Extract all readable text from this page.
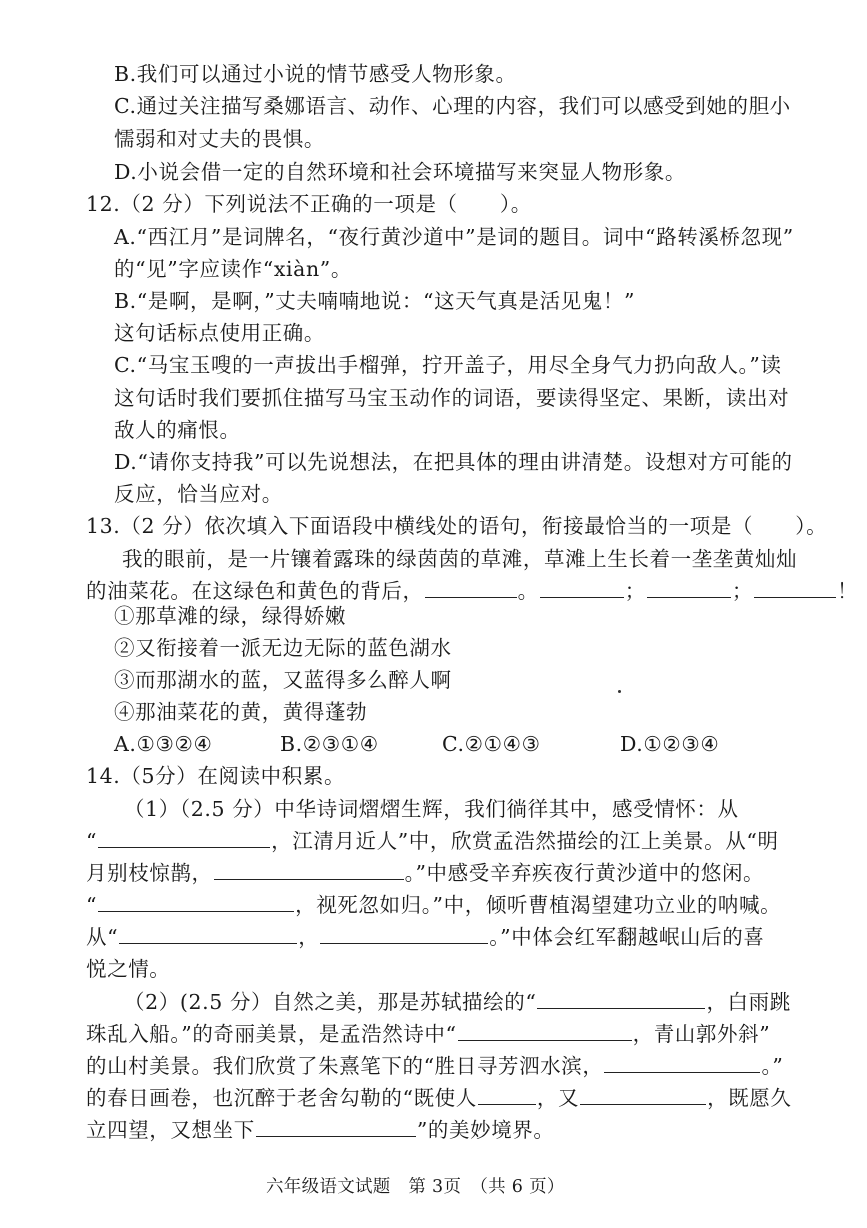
B.我们可以通过小说的情节感受人物形象。
C.通过关注描写桑娜语言、动作、心理的内容，我们可以感受到她的胆小
懦弱和对丈夫的畏惧。
D.小说会借一定的自然环境和社会环境描写来突显人物形象。
12.（2 分）下列说法不正确的一项是（　　）。
A.“西江月”是词牌名，“夜行黄沙道中”是词的题目。词中“路转溪桥忽现”
的“见”字应读作“xiàn”。
B.“是啊，是啊，”丈夫喃喃地说：“这天气真是活见鬼！”
这句话标点使用正确。
C.“马宝玉嗖的一声拔出手榴弹，拧开盖子，用尽全身气力扔向敌人。”读
这句话时我们要抓住描写马宝玉动作的词语，要读得坚定、果断，读出对
敌人的痛恨。
D.“请你支持我”可以先说想法，在把具体的理由讲清楚。设想对方可能的
反应，恰当应对。
13.（2 分）依次填入下面语段中横线处的语句，衔接最恰当的一项是（　　）。
我的眼前，是一片镶着露珠的绿茵茵的草滩，草滩上生长着一垄垄黄灿灿
的油菜花。在这绿色和黄色的背后，	。	；	；	！
①那草滩的绿，绿得娇嫩
②又衔接着一派无边无际的蓝色湖水
③而那湖水的蓝，又蓝得多么醉人啊
④那油菜花的黄，黄得蓬勃
A.①③②④	B.②③①④	C.②①④③	D.①②③④
14.（5分）在阅读中积累。
（1）（2.5 分）中华诗词熠熠生辉，我们徜徉其中，感受情怀：从
“	，江清月近人”中，欣赏孟浩然描绘的江上美景。从“明
月别枝惊鹊，	。”中感受辛弃疾夜行黄沙道中的悠闲。
“	，视死忽如归。”中，倾听曹植渴望建功立业的呐喊。
从“	，	。”中体会红军翻越岷山后的喜
悦之情。
（2）(2.5 分）自然之美，那是苏轼描绘的“	，白雨跳
珠乱入船。”的奇丽美景，是孟浩然诗中“	，青山郭外斜”
的山村美景。我们欣赏了朱熹笔下的“胜日寻芳泗水滨，	。”
的春日画卷，也沉醉于老舍勾勒的“既使人	，又	，既愿久
立四望，又想坐下	”的美妙境界。
六年级语文试题　第 3页　（共 6 页）
